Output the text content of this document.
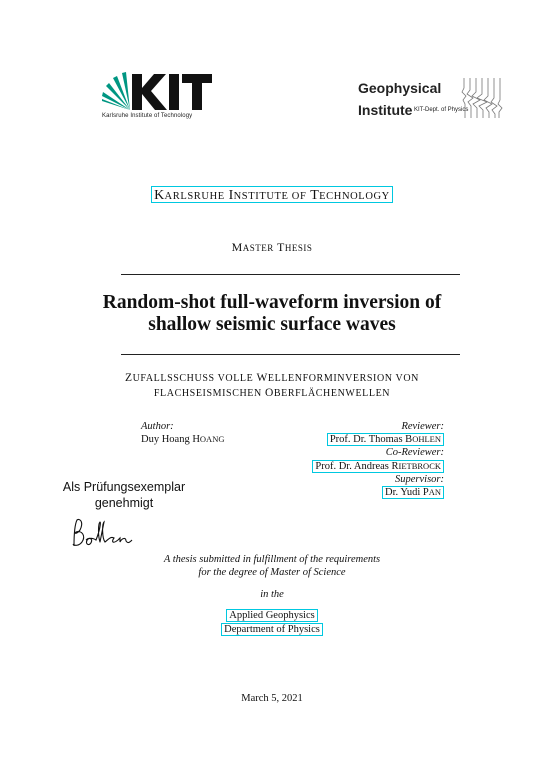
Karlsruhe Institute of Technology
Geophysical
Institute KIT-Dept. of Physics
KARLSRUHE INSTITUTE OF TECHNOLOGY
MASTER THESIS
Random-shot full-waveform inversion of
shallow seismic surface waves
ZUFALLSSCHUSS VOLLE WELLENFORMINVERSION VON
FLACHSEISMISCHEN OBERFLÄCHENWELLEN
Author:
Duy Hoang HOANG
Reviewer:
Prof. Dr. Thomas BOHLEN
Co-Reviewer:
Prof. Dr. Andreas RIETBROCK
Supervisor:
Dr. Yudi PAN
Als Prüfungsexemplar
genehmigt
A thesis submitted in fulfillment of the requirements
for the degree of Master of Science
in the
Applied Geophysics
Department of Physics
March 5, 2021
